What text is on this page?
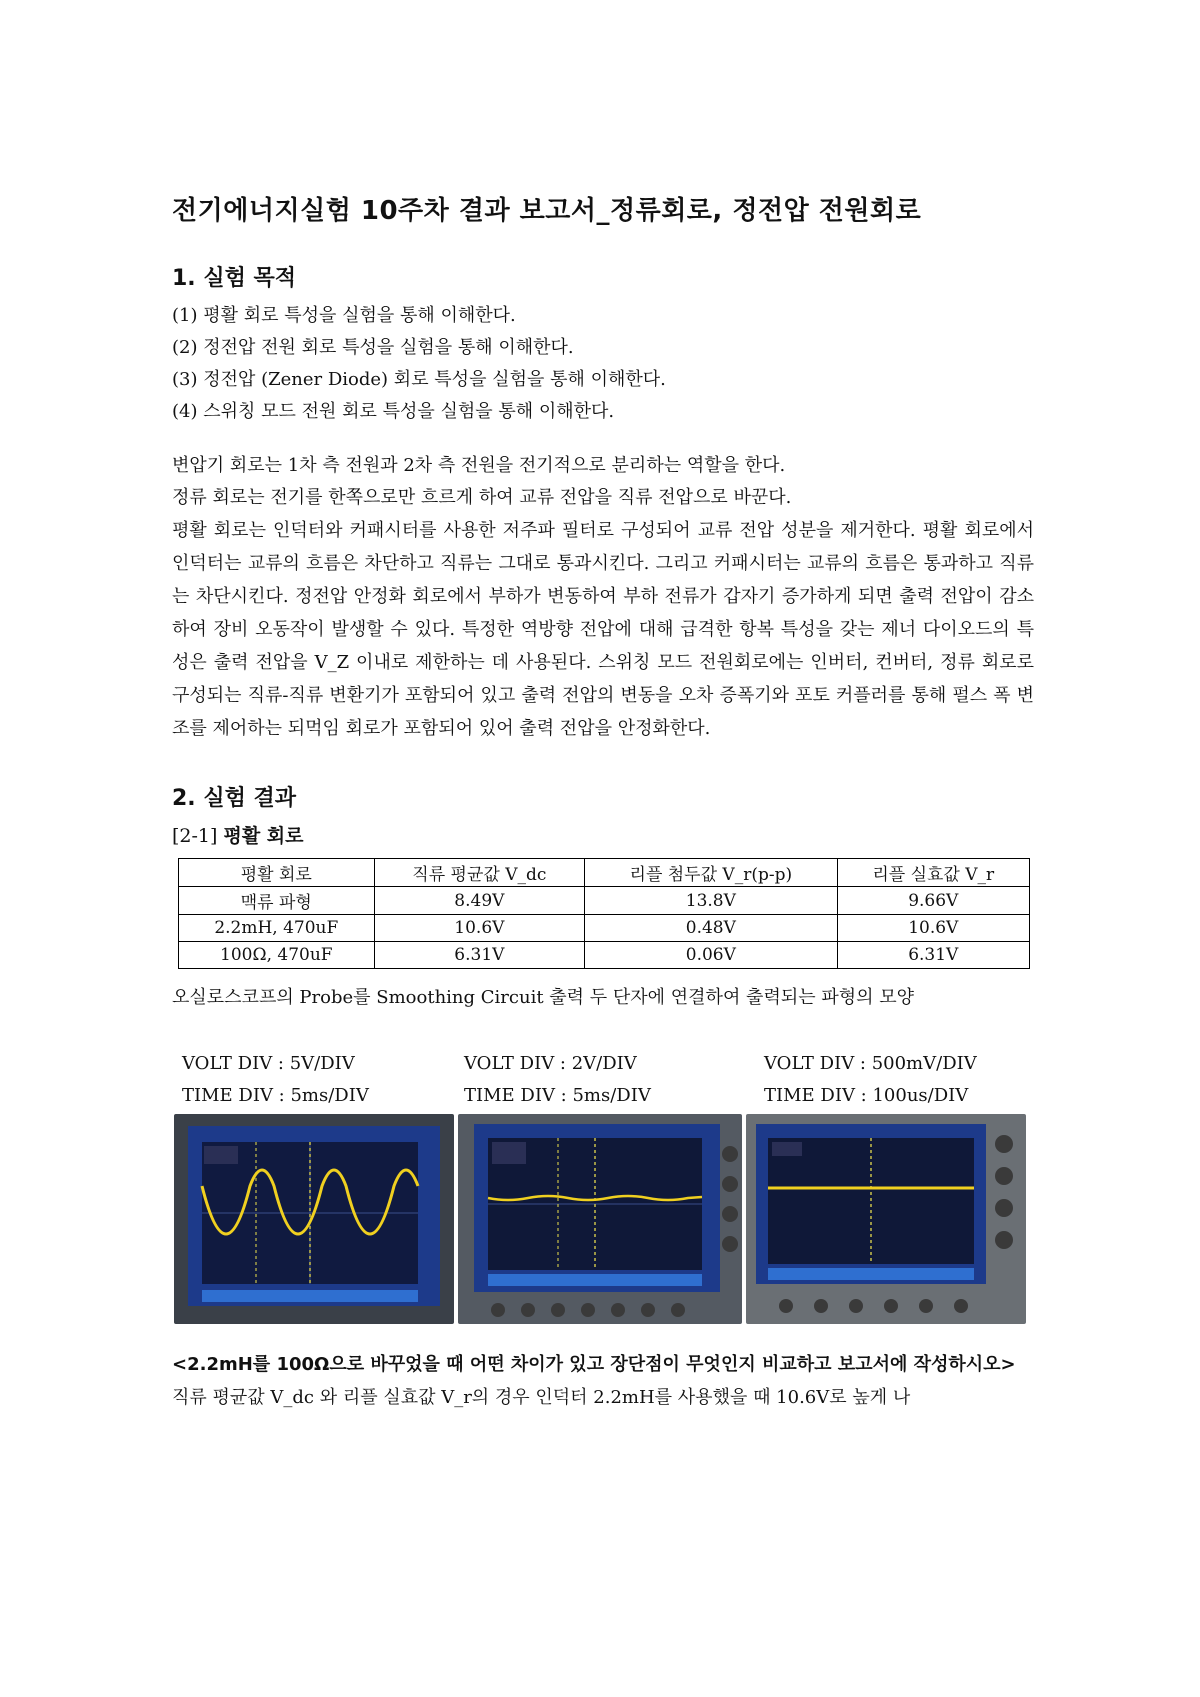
전기에너지실험 10주차 결과 보고서_정류회로, 정전압 전원회로
1. 실험 목적

(1) 평활 회로 특성을 실험을 통해 이해한다.

(2) 정전압 전원 회로 특성을 실험을 통해 이해한다.

(3) 정전압 (Zener Diode) 회로 특성을 실험을 통해 이해한다.

(4) 스위칭 모드 전원 회로 특성을 실험을 통해 이해한다.

변압기 회로는 1차 측 전원과 2차 측 전원을 전기적으로 분리하는 역할을 한다.

정류 회로는 전기를 한쪽으로만 흐르게 하여 교류 전압을 직류 전압으로 바꾼다.

평활 회로는 인덕터와 커패시터를 사용한 저주파 필터로 구성되어 교류 전압 성분을 제거한다. 평활 회로에서 인덕터는 교류의 흐름은 차단하고 직류는 그대로 통과시킨다. 그리고 커패시터는 교류의 흐름은 통과하고 직류는 차단시킨다. 정전압 안정화 회로에서 부하가 변동하여 부하 전류가 갑자기 증가하게 되면 출력 전압이 감소하여 장비 오동작이 발생할 수 있다. 특정한 역방향 전압에 대해 급격한 항복 특성을 갖는 제너 다이오드의 특성은 출력 전압을 V_Z 이내로 제한하는 데 사용된다. 스위칭 모드 전원회로에는 인버터, 컨버터, 정류 회로로 구성되는 직류-직류 변환기가 포함되어 있고 출력 전압의 변동을 오차 증폭기와 포토 커플러를 통해 펄스 폭 변조를 제어하는 되먹임 회로가 포함되어 있어 출력 전압을 안정화한다.

2. 실험 결과

[2-1] 평활 회로

평활 회로	직류 평균값 V_dc	리플 첨두값 V_r(p-p)	리플 실효값 V_r
맥류 파형	8.49V	13.8V	9.66V
2.2mH, 470uF	10.6V	0.48V	10.6V
100Ω, 470uF	6.31V	0.06V	6.31V

오실로스코프의 Probe를 Smoothing Circuit 출력 두 단자에 연결하여 출력되는 파형의 모양

VOLT DIV : 5V/DIV
TIME DIV : 5ms/DIV
VOLT DIV : 2V/DIV
TIME DIV : 5ms/DIV
VOLT DIV : 500mV/DIV
TIME DIV : 100us/DIV

<2.2mH를 100Ω으로 바꾸었을 때 어떤 차이가 있고 장단점이 무엇인지 비교하고 보고서에 작성하시오>

직류 평균값 V_dc 와 리플 실효값 V_r의 경우 인덕터 2.2mH를 사용했을 때 10.6V로 높게 나
